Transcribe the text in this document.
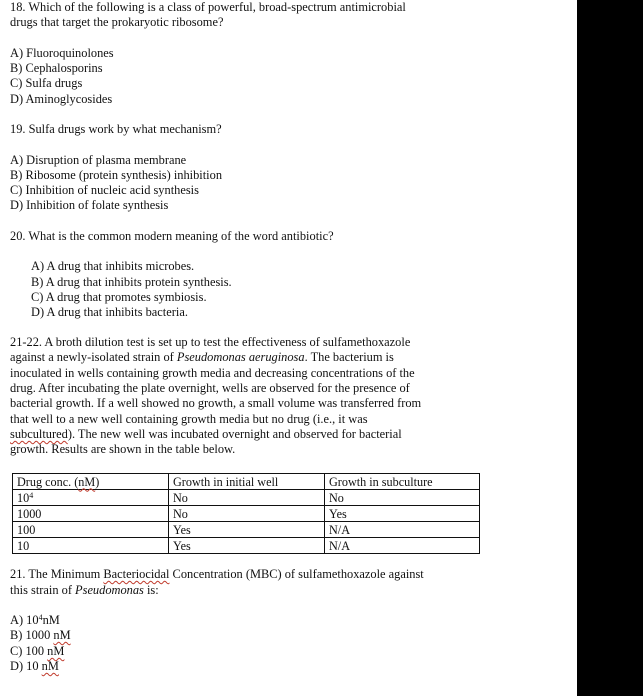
18. Which of the following is a class of powerful, broad-spectrum antimicrobial
drugs that target the prokaryotic ribosome?
A) Fluoroquinolones
B) Cephalosporins
C) Sulfa drugs
D) Aminoglycosides
19. Sulfa drugs work by what mechanism?
A) Disruption of plasma membrane
B) Ribosome (protein synthesis) inhibition
C) Inhibition of nucleic acid synthesis
D) Inhibition of folate synthesis
20. What is the common modern meaning of the word antibiotic?
A) A drug that inhibits microbes.
B) A drug that inhibits protein synthesis.
C) A drug that promotes symbiosis.
D) A drug that inhibits bacteria.
21-22. A broth dilution test is set up to test the effectiveness of sulfamethoxazole
against a newly-isolated strain of Pseudomonas aeruginosa. The bacterium is
inoculated in wells containing growth media and decreasing concentrations of the
drug. After incubating the plate overnight, wells are observed for the presence of
bacterial growth. If a well showed no growth, a small volume was transferred from
that well to a new well containing growth media but no drug (i.e., it was
subcultured). The new well was incubated overnight and observed for bacterial
growth. Results are shown in the table below.
Drug conc. (nM)	Growth in initial well	Growth in subculture
$10^4$	No	No
1000	No	Yes
100	Yes	N/A
10	Yes	N/A
21. The Minimum Bacteriocidal Concentration (MBC) of sulfamethoxazole against
this strain of Pseudomonas is:
A) $10^4nM$
B) 1000 nM
C) 100 nM
D) 10 nM
